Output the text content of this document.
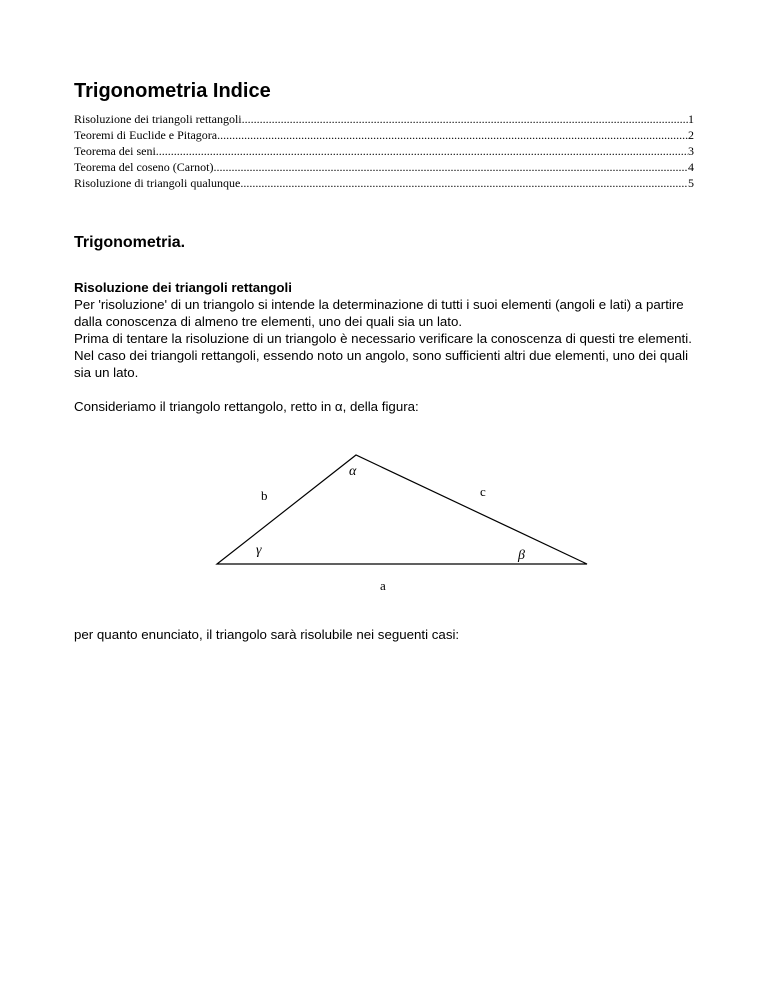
Trigonometria Indice
Risoluzione dei triangoli rettangoli .....	1
Teoremi di Euclide e Pitagora .....	2
Teorema dei seni .....	3
Teorema del coseno (Carnot) .....	4
Risoluzione di triangoli qualunque .....	5
Trigonometria.

Risoluzione dei triangoli rettangoli

Per 'risoluzione' di un triangolo si intende la determinazione di tutti i suoi elementi (angoli e lati) a partire dalla conoscenza di almeno tre elementi, uno dei quali sia un lato.

Prima di tentare la risoluzione di un triangolo è necessario verificare la conoscenza di questi tre elementi.

Nel caso dei triangoli rettangoli, essendo noto un angolo, sono sufficienti altri due elementi, uno dei quali sia un lato.

Consideriamo il triangolo rettangolo, retto in α, della figura:

α
β
γ
a
b	c

per quanto enunciato, il triangolo sarà risolubile nei seguenti casi:
